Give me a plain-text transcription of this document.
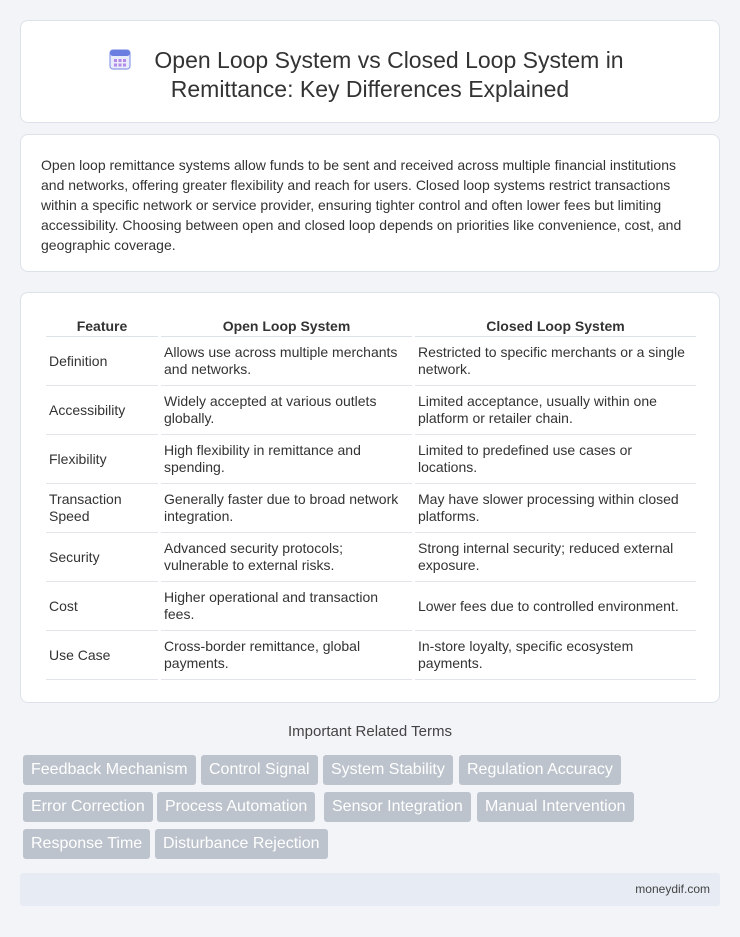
Open Loop System vs Closed Loop System in
Remittance: Key Differences Explained

Open loop remittance systems allow funds to be sent and received across multiple financial institutions and networks, offering greater flexibility and reach for users. Closed loop systems restrict transactions within a specific network or service provider, ensuring tighter control and often lower fees but limiting accessibility. Choosing between open and closed loop depends on priorities like convenience, cost, and geographic coverage.

Feature	Open Loop System	Closed Loop System
Definition	Allows use across multiple merchants and networks.	Restricted to specific merchants or a single network.
Accessibility	Widely accepted at various outlets globally.	Limited acceptance, usually within one platform or retailer chain.
Flexibility	High flexibility in remittance and spending.	Limited to predefined use cases or locations.
Transaction Speed	Generally faster due to broad network integration.	May have slower processing within closed platforms.
Security	Advanced security protocols; vulnerable to external risks.	Strong internal security; reduced external exposure.
Cost	Higher operational and transaction fees.	Lower fees due to controlled environment.
Use Case	Cross-border remittance, global payments.	In-store loyalty, specific ecosystem payments.
Important Related Terms
Feedback Mechanism	Control Signal	System Stability	Regulation Accuracy
Error Correction	Process Automation	Sensor Integration	Manual Intervention
Response Time	Disturbance Rejection
moneydif.com
